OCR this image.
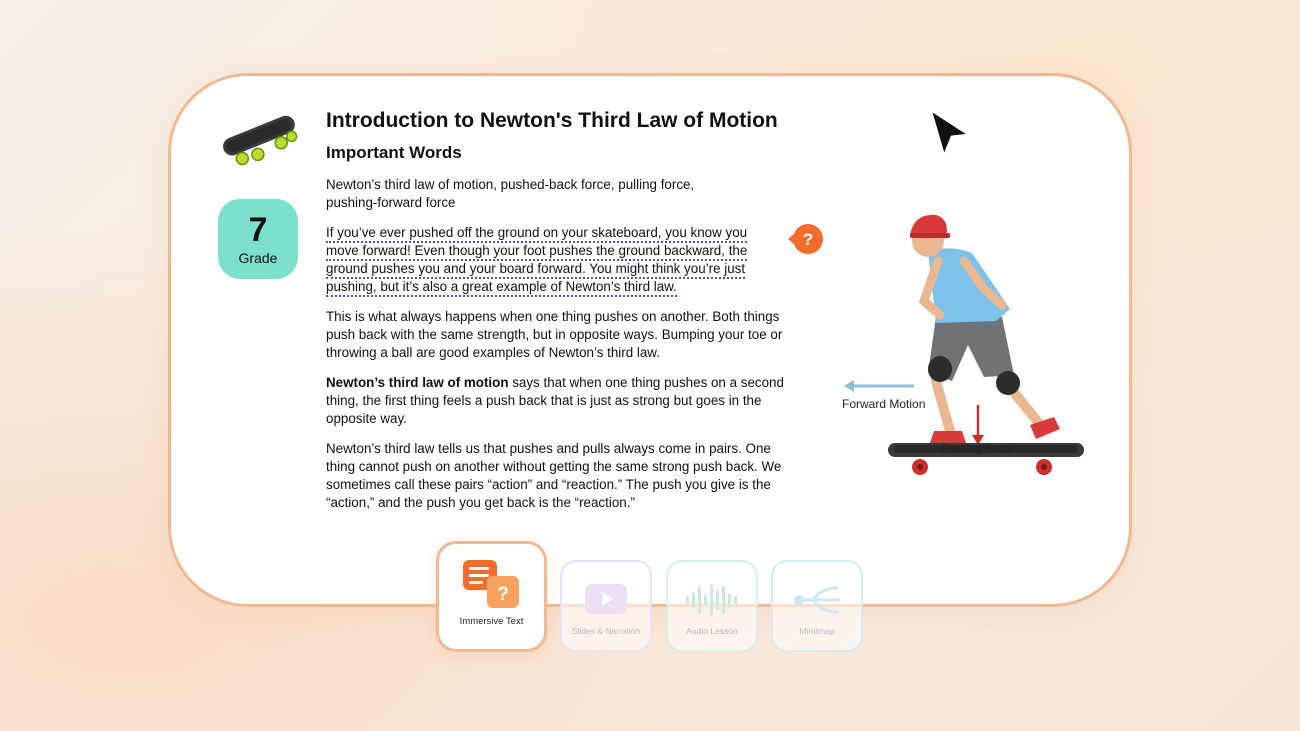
7
Grade
Introduction to Newton's Third Law of Motion
Important Words

Newton’s third law of motion, pushed-back force, pulling force, pushing-forward force

If you’ve ever pushed off the ground on your skateboard, you know you move forward! Even though your foot pushes the ground backward, the ground pushes you and your board forward. You might think you’re just pushing, but it’s also a great example of Newton’s third law.

This is what always happens when one thing pushes on another. Both things push back with the same strength, but in opposite ways. Bumping your toe or throwing a ball are good examples of Newton’s third law.

Newton’s third law of motion says that when one thing pushes on a second thing, the first thing feels a push back that is just as strong but goes in the opposite way.

Newton’s third law tells us that pushes and pulls always come in pairs. One thing cannot push on another without getting the same strong push back. We sometimes call these pairs “action” and “reaction.” The push you give is the “action,” and the push you get back is the “reaction.”

?
Forward Motion
Pushing Force
?
Immersive Text
Slides & Narration	Audio Lesson	Mindmap
